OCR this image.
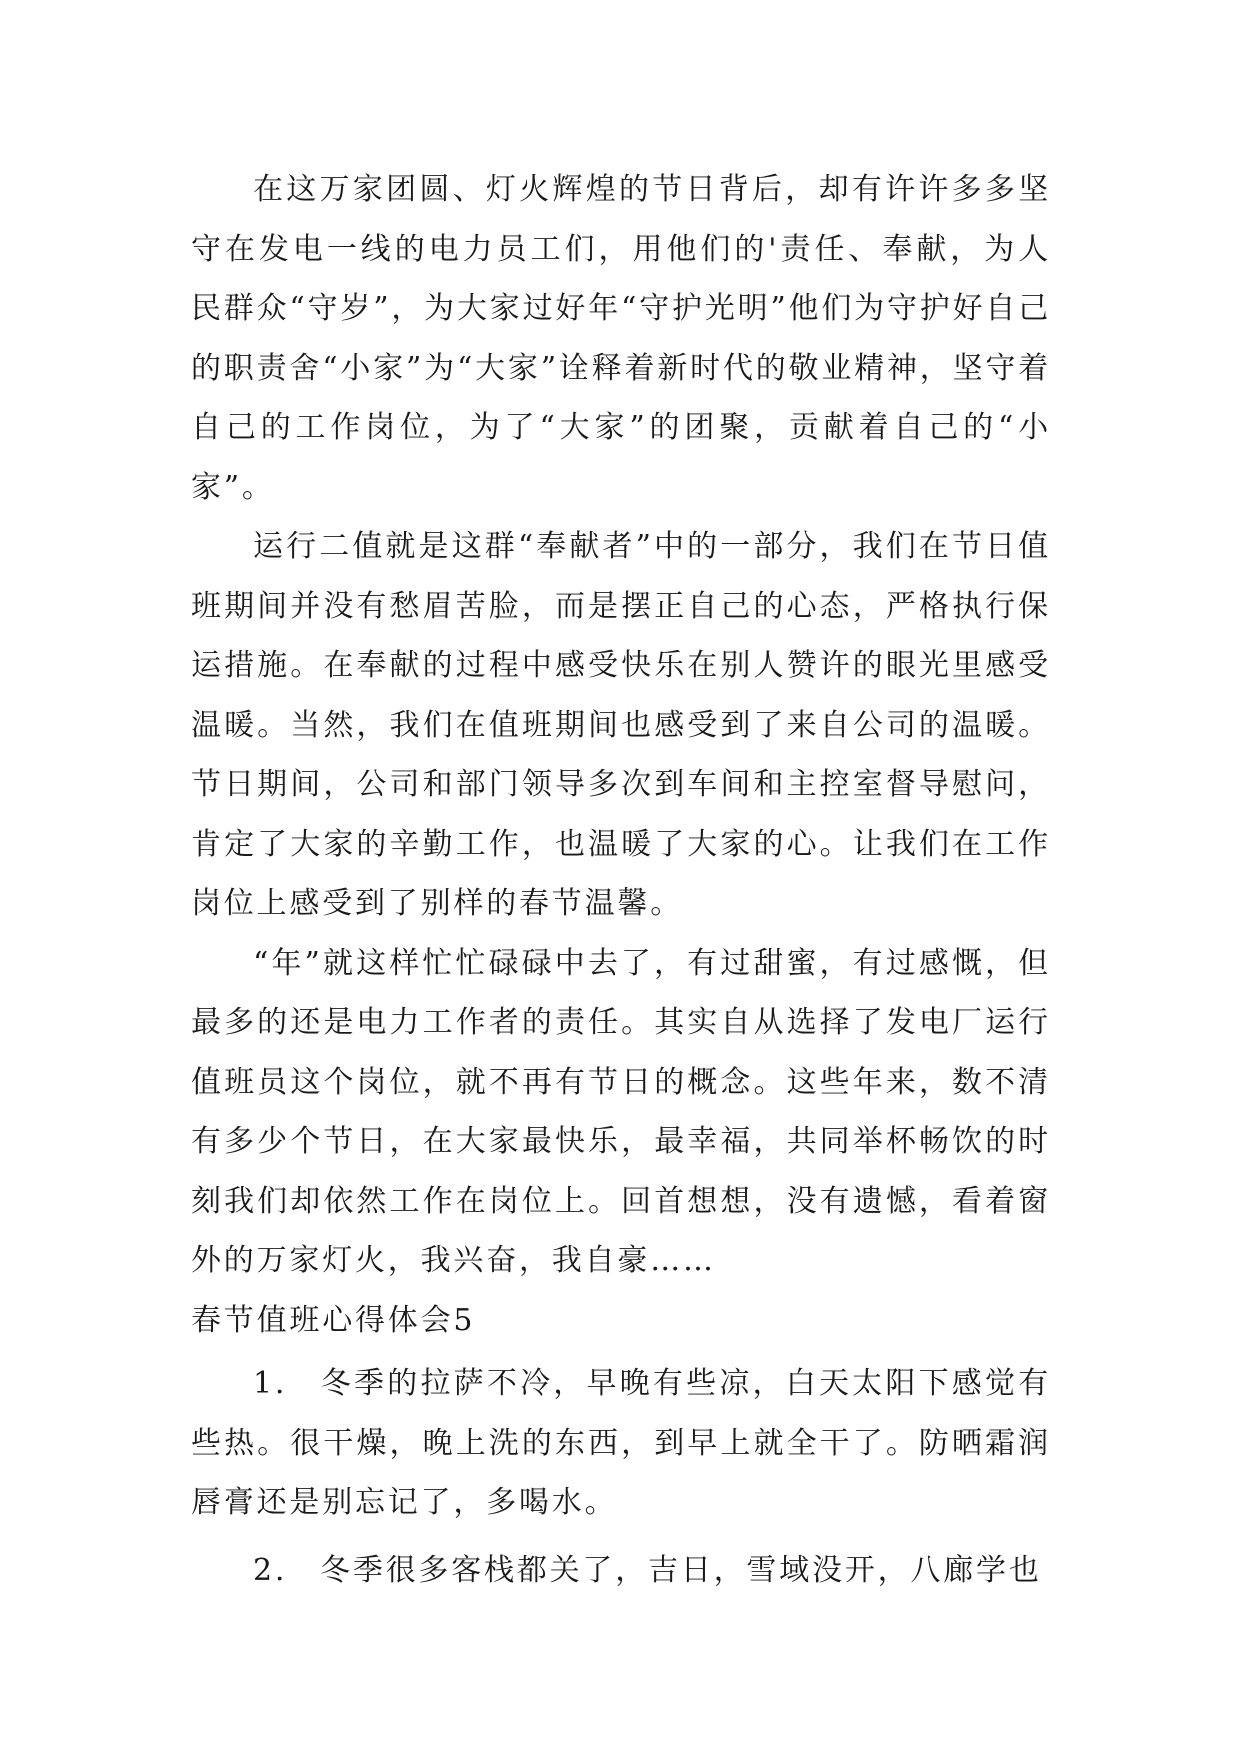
在这万家团圆、灯火辉煌的节日背后，却有许许多多坚守在发电一线的电力员工们，用他们的'责任、奉献，为人民群众“守岁”，为大家过好年“守护光明”他们为守护好自己的职责舍“小家”为“大家”诠释着新时代的敬业精神，坚守着自己的工作岗位，为了“大家”的团聚，贡献着自己的“小家”。

运行二值就是这群“奉献者”中的一部分，我们在节日值班期间并没有愁眉苦脸，而是摆正自己的心态，严格执行保运措施。在奉献的过程中感受快乐在别人赞许的眼光里感受温暖。当然，我们在值班期间也感受到了来自公司的温暖。节日期间，公司和部门领导多次到车间和主控室督导慰问，肯定了大家的辛勤工作，也温暖了大家的心。让我们在工作岗位上感受到了别样的春节温馨。

“年”就这样忙忙碌碌中去了，有过甜蜜，有过感慨，但最多的还是电力工作者的责任。其实自从选择了发电厂运行值班员这个岗位，就不再有节日的概念。这些年来，数不清有多少个节日，在大家最快乐，最幸福，共同举杯畅饮的时刻我们却依然工作在岗位上。回首想想，没有遗憾，看着窗外的万家灯火，我兴奋，我自豪……

春节值班心得体会5

1.　冬季的拉萨不冷，早晚有些凉，白天太阳下感觉有些热。很干燥，晚上洗的东西，到早上就全干了。防晒霜润唇膏还是别忘记了，多喝水。

2.　冬季很多客栈都关了，吉日，雪域没开，八廊学也
